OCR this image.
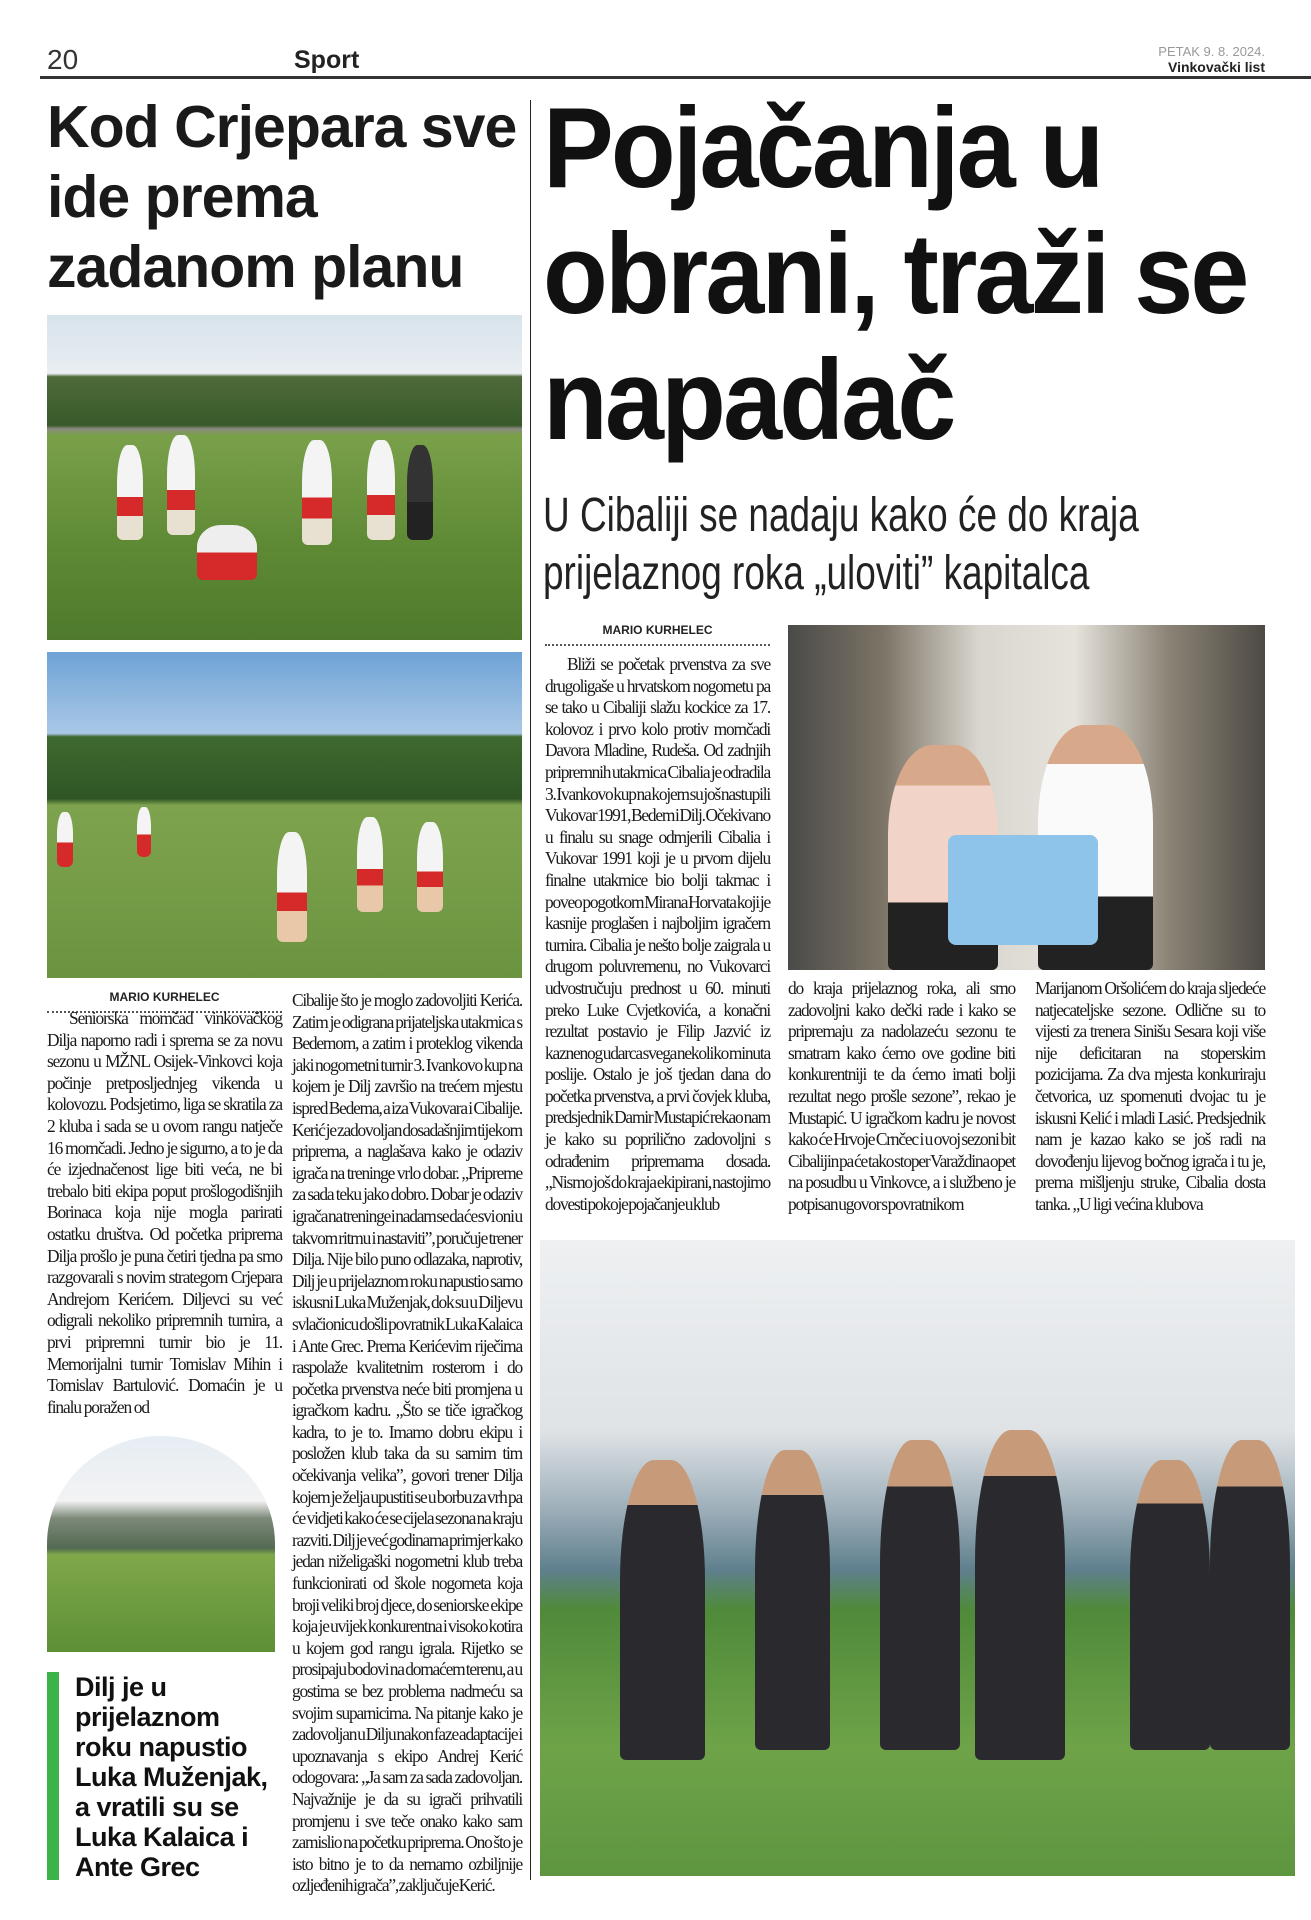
20	Sport	PETAK 9. 8. 2024.
Vinkovački list
Kod Crjepara sve ide prema zadanom planu
MARIO KURHELEC

Seniorska momčad vinkovačkog Dilja naporno radi i sprema se za novu sezonu u MŽNL Osijek-Vinkovci koja počinje pretposljednjeg vikenda u kolovozu. Podsjetimo, liga se skratila za 2 kluba i sada se u ovom rangu natječe 16 momčadi. Jedno je sigurno, a to je da će izjednačenost lige biti veća, ne bi trebalo biti ekipa poput prošlogodišnjih Borinaca koja nije mogla parirati ostatku društva. Od početka priprema Dilja prošlo je puna četiri tjedna pa smo razgovarali s novim strategom Crjepara Andrejom Kerićem. Diljevci su već odigrali nekoliko pripremnih turnira, a prvi pripremni turnir bio je 11. Memorijalni turnir Tomislav Mihin i Tomislav Bartulović. Domaćin je u finalu poražen od

Cibalije što je moglo zadovoljiti Kerića. Zatim je odigrana prijateljska utakmica s Bedemom, a zatim i proteklog vikenda jaki nogometni turnir 3. Ivankovo kup na kojem je Dilj završio na trećem mjestu ispred Bedema, a iza Vukovara i Cibalije. Kerić je zadovoljan dosadašnjim tijekom priprema, a naglašava kako je odaziv igrača na treninge vrlo dobar. „Pripreme za sada teku jako dobro. Dobar je odaziv igrača na treninge i nadam se da će svi oni u takvom ritmu i nastaviti”, poručuje trener Dilja. Nije bilo puno odlazaka, naprotiv, Dilj je u prijelaznom roku napustio samo iskusni Luka Muženjak, dok su u Diljevu svlačionicu došli povratnik Luka Kalaica i Ante Grec. Prema Kerićevim riječima raspolaže kvalitetnim rosterom i do početka prvenstva neće biti promjena u igračkom kadru. „Što se tiče igračkog kadra, to je to. Imamo dobru ekipu i posložen klub taka da su samim tim očekivanja velika”, govori trener Dilja kojem je želja upustiti se u borbu za vrh pa će vidjeti kako će se cijela sezona na kraju razviti. Dilj je već godinama primjer kako jedan niželigaški nogometni klub treba funkcionirati od škole nogometa koja broji veliki broj djece, do seniorske ekipe koja je uvijek konkurentna i visoko kotira u kojem god rangu igrala. Rijetko se prosipaju bodovi na domaćem terenu, a u gostima se bez problema nadmeću sa svojim suparnicima. Na pitanje kako je zadovoljan u Dilju nakon faze adaptacije i upoznavanja s ekipo Andrej Kerić odogovara: „Ja sam za sada zadovoljan. Najvažnije je da su igrači prihvatili promjenu i sve teče onako kako sam zamislio na početku priprema. Ono što je isto bitno je to da nemamo ozbiljnije ozljeđenih igrača”, zaključuje Kerić.

Dilj je u prijelaznom roku napustio Luka Muženjak, a vratili su se Luka Kalaica i Ante Grec
Pojačanja u obrani, traži se napadač
U Cibaliji se nadaju kako će do kraja prijelaznog roka „uloviti” kapitalca
MARIO KURHELEC

Bliži se početak prvenstva za sve drugoligaše u hrvatskom nogometu pa se tako u Cibaliji slažu kockice za 17. kolovoz i prvo kolo protiv momčadi Davora Mladine, Rudeša. Od zadnjih pripremnih utakmica Cibalia je odradila 3. Ivankovo kup na kojem su još nastupili Vukovar 1991, Bedem i Dilj. Očekivano u finalu su snage odmjerili Cibalia i Vukovar 1991 koji je u prvom dijelu finalne utakmice bio bolji takmac i poveo pogotkom Mirana Horvata koji je kasnije proglašen i najboljim igračem turnira. Cibalia je nešto bolje zaigrala u drugom poluvremenu, no Vukovarci udvostručuju prednost u 60. minuti preko Luke Cvjetkovića, a konačni rezultat postavio je Filip Jazvić iz kaznenog udarca svega nekoliko minuta poslije. Ostalo je još tjedan dana do početka prvenstva, a prvi čovjek kluba, predsjednik Damir Mustapić rekao nam je kako su poprilično zadovoljni s odrađenim pripremama dosada. „Nismo još do kraja ekipirani, nastojimo dovesti pokoje pojačanje u klub

do kraja prijelaznog roka, ali smo zadovoljni kako dečki rade i kako se pripremaju za nadolazeću sezonu te smatram kako ćemo ove godine biti konkurentniji te da ćemo imati bolji rezultat nego prošle sezone”, rekao je Mustapić. U igračkom kadru je novost kako će Hrvoje Crnčec i u ovoj sezoni bit Cibalijin pa će tako stoper Varaždina opet na posudbu u Vinkovce, a i službeno je potpisan ugovor s povratnikom

Marijanom Oršolićem do kraja sljedeće natjecateljske sezone. Odlične su to vijesti za trenera Sinišu Sesara koji više nije deficitaran na stoperskim pozicijama. Za dva mjesta konkuriraju četvorica, uz spomenuti dvojac tu je iskusni Kelić i mladi Lasić. Predsjednik nam je kazao kako se još radi na dovođenju lijevog bočnog igrača i tu je, prema mišljenju struke, Cibalia dosta tanka. „U ligi većina klubova
